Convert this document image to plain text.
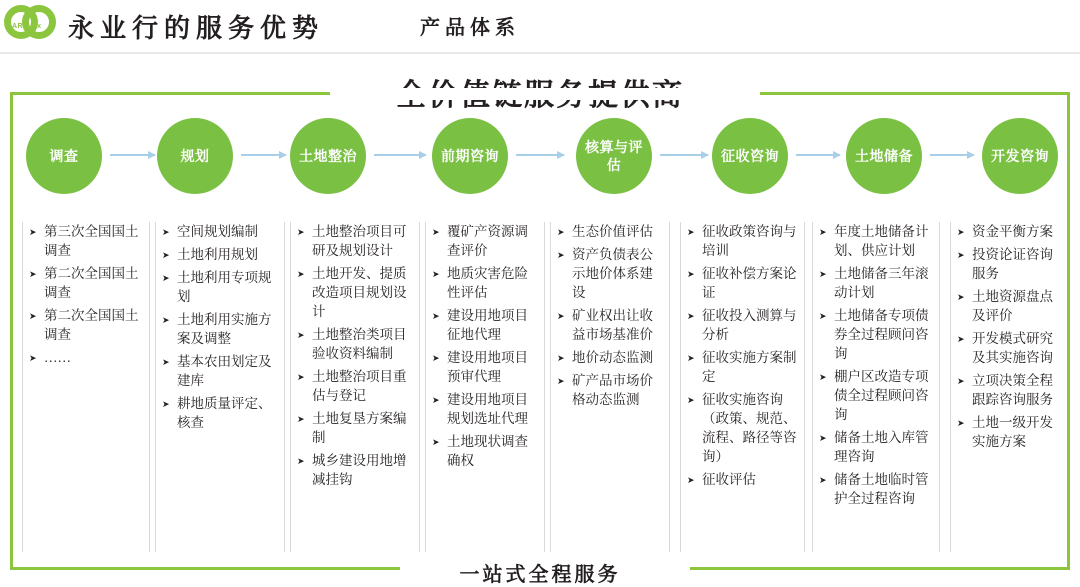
ART six 永业行的服务优势	产品体系
一站式全程服务
调查	规划	土地整治	前期咨询
核算与评估
征收咨询	土地储备	开发咨询
➤ 第三次全国国土调查
➤ 第二次全国国土调查
➤ 第二次全国国土调查
➤ ……
➤ 空间规划编制
➤ 土地利用规划
➤ 土地利用专项规划
➤ 土地利用实施方案及调整
➤ 基本农田划定及建库
➤ 耕地质量评定、核查
➤ 土地整治项目可研及规划设计
➤ 土地开发、提质改造项目规划设计
➤ 土地整治类项目验收资料编制
➤ 土地整治项目重估与登记
➤ 土地复垦方案编制
➤ 城乡建设用地增减挂钩
➤ 覆矿产资源调查评价
➤ 地质灾害危险性评估
➤ 建设用地项目征地代理
➤ 建设用地项目预审代理
➤ 建设用地项目规划选址代理
➤ 土地现状调查确权
➤ 生态价值评估
➤ 资产负债表公示地价体系建设
➤ 矿业权出让收益市场基准价
➤ 地价动态监测
➤ 矿产品市场价格动态监测
➤ 征收政策咨询与培训
➤ 征收补偿方案论证
➤ 征收投入测算与分析
➤ 征收实施方案制定
➤ 征收实施咨询（政策、规范、流程、路径等咨询）
➤ 征收评估
➤ 年度土地储备计划、供应计划
➤ 土地储备三年滚动计划
➤ 土地储备专项债券全过程顾问咨询
➤ 棚户区改造专项债全过程顾问咨询
➤ 储备土地入库管理咨询
➤ 储备土地临时管护全过程咨询
➤ 资金平衡方案
➤ 投资论证咨询服务
➤ 土地资源盘点及评价
➤ 开发模式研究及其实施咨询
➤ 立项决策全程跟踪咨询服务
➤ 土地一级开发实施方案
